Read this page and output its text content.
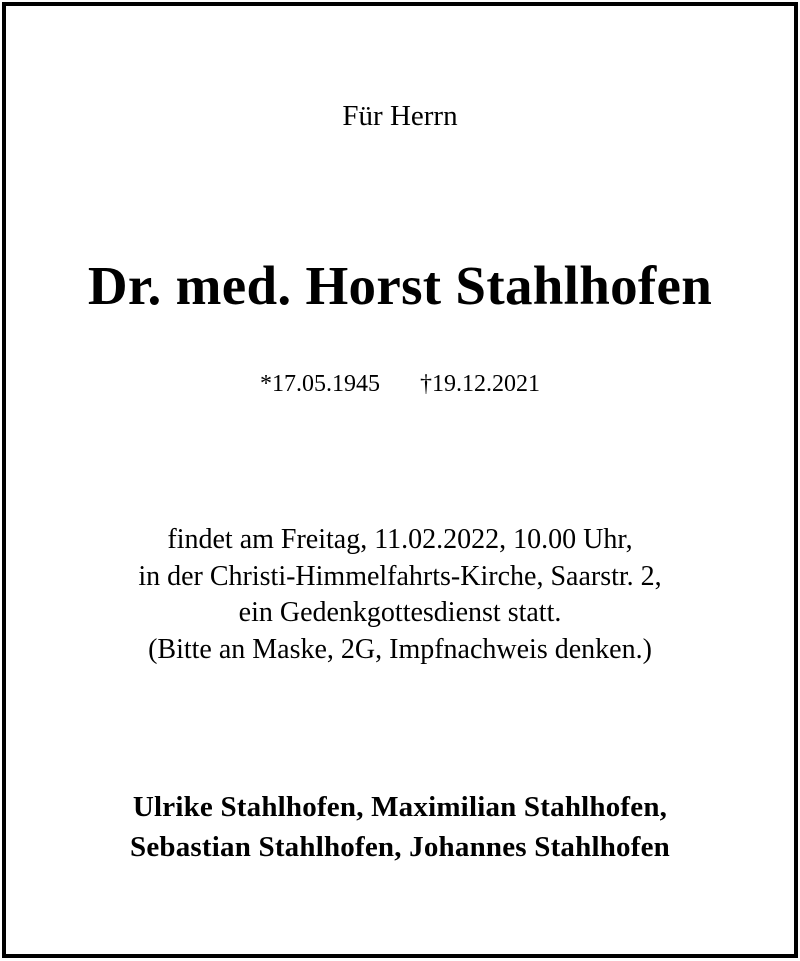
Für Herrn
Dr. med. Horst Stahlhofen
*17.05.1945 †19.12.2021
findet am Freitag, 11.02.2022, 10.00 Uhr,
in der Christi-Himmelfahrts-Kirche, Saarstr. 2,
ein Gedenkgottesdienst statt.
(Bitte an Maske, 2G, Impfnachweis denken.)
Ulrike Stahlhofen, Maximilian Stahlhofen,
Sebastian Stahlhofen, Johannes Stahlhofen
